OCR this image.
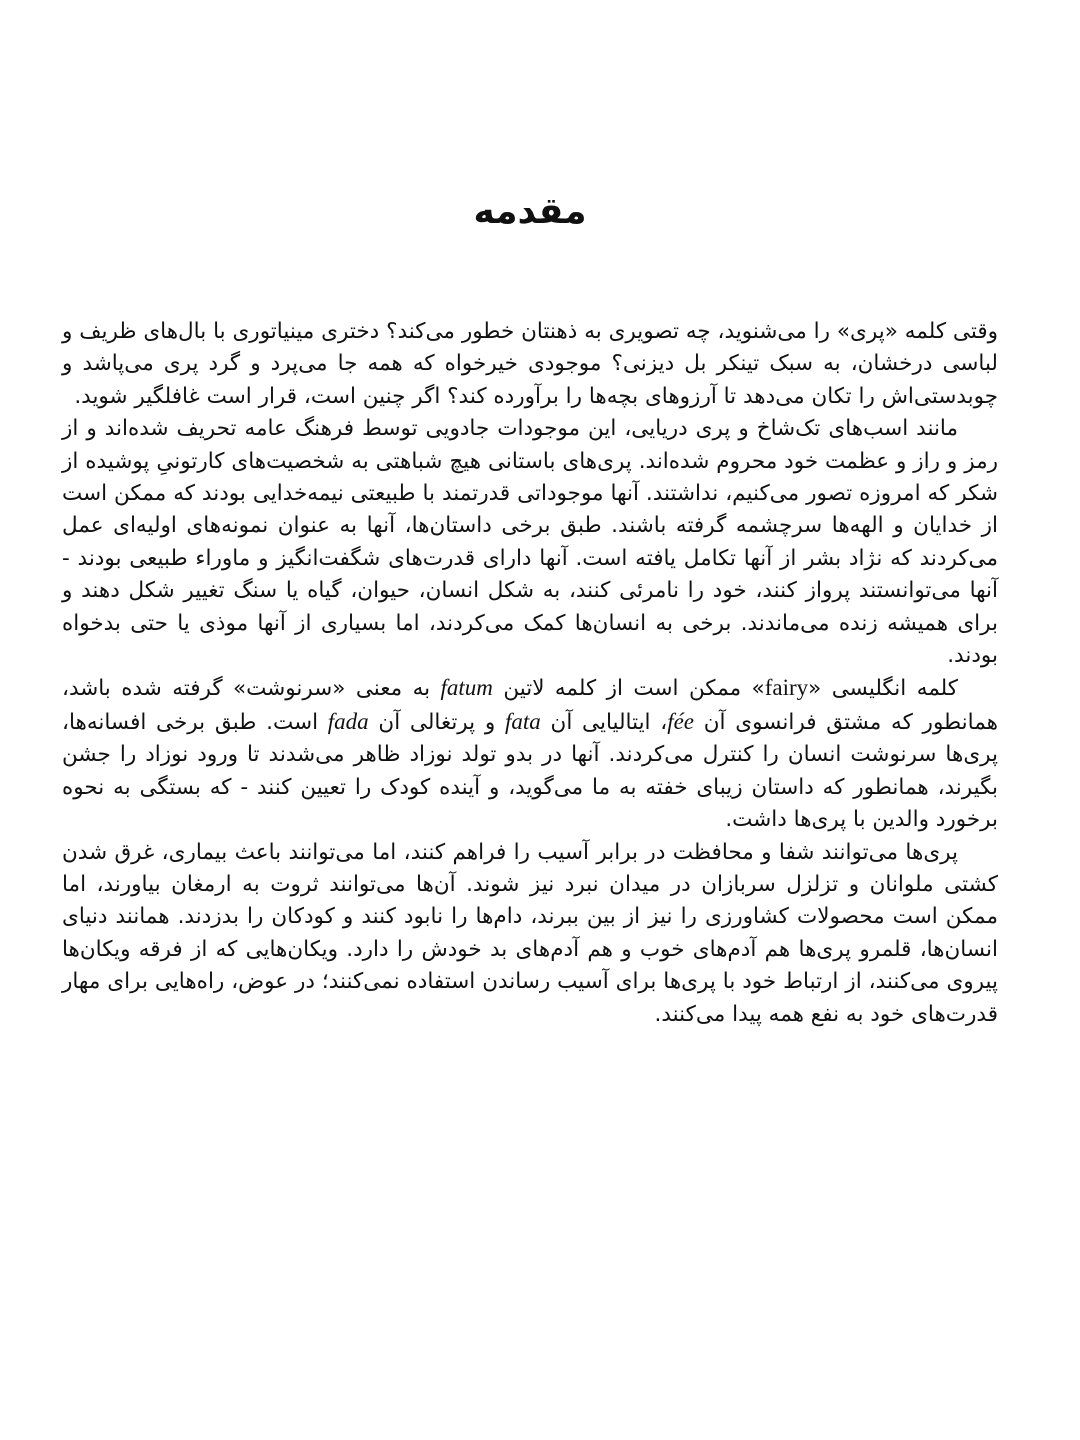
مقدمه

وقتی کلمه «پری» را می‌شنوید، چه تصویری به ذهنتان خطور می‌کند؟ دختری مینیاتوری با بال‌های ظریف و لباسی درخشان، به سبک تینکر بل دیزنی؟ موجودی خیرخواه که همه جا می‌پرد و گرد پری می‌پاشد و چوبدستی‌اش را تکان می‌دهد تا آرزوهای بچه‌ها را برآورده کند؟ اگر چنین است، قرار است غافلگیر شوید.

مانند اسب‌های تک‌شاخ و پری دریایی، این موجودات جادویی توسط فرهنگ عامه تحریف شده‌اند و از رمز و راز و عظمت خود محروم شده‌اند. پری‌های باستانی هیچ شباهتی به شخصیت‌های کارتونیِ پوشیده از شکر که امروزه تصور می‌کنیم، نداشتند. آنها موجوداتی قدرتمند با طبیعتی نیمه‌خدایی بودند که ممکن است از خدایان و الهه‌ها سرچشمه گرفته باشند. طبق برخی داستان‌ها، آنها به عنوان نمونه‌های اولیه‌ای عمل می‌کردند که نژاد بشر از آنها تکامل یافته است. آنها دارای قدرت‌های شگفت‌انگیز و ماوراء طبیعی بودند - آنها می‌توانستند پرواز کنند، خود را نامرئی کنند، به شکل انسان، حیوان، گیاه یا سنگ تغییر شکل دهند و برای همیشه زنده می‌ماندند. برخی به انسان‌ها کمک می‌کردند، اما بسیاری از آنها موذی یا حتی بدخواه بودند.

کلمه انگلیسی «fairy» ممکن است از کلمه لاتین fatum به معنی «سرنوشت» گرفته شده باشد، همانطور که مشتق فرانسوی آن fée، ایتالیایی آن fata و پرتغالی آن fada است. طبق برخی افسانه‌ها، پری‌ها سرنوشت انسان را کنترل می‌کردند. آنها در بدو تولد نوزاد ظاهر می‌شدند تا ورود نوزاد را جشن بگیرند، همانطور که داستان زیبای خفته به ما می‌گوید، و آینده کودک را تعیین کنند - که بستگی به نحوه برخورد والدین با پری‌ها داشت.

پری‌ها می‌توانند شفا و محافظت در برابر آسیب را فراهم کنند، اما می‌توانند باعث بیماری، غرق شدن کشتی ملوانان و تزلزل سربازان در میدان نبرد نیز شوند. آن‌ها می‌توانند ثروت به ارمغان بیاورند، اما ممکن است محصولات کشاورزی را نیز از بین ببرند، دام‌ها را نابود کنند و کودکان را بدزدند. همانند دنیای انسان‌ها، قلمرو پری‌ها هم آدم‌های خوب و هم آدم‌های بد خودش را دارد. ویکان‌هایی که از فرقه ویکان‌ها پیروی می‌کنند، از ارتباط خود با پری‌ها برای آسیب رساندن استفاده نمی‌کنند؛ در عوض، راه‌هایی برای مهار قدرت‌های خود به نفع همه پیدا می‌کنند.
